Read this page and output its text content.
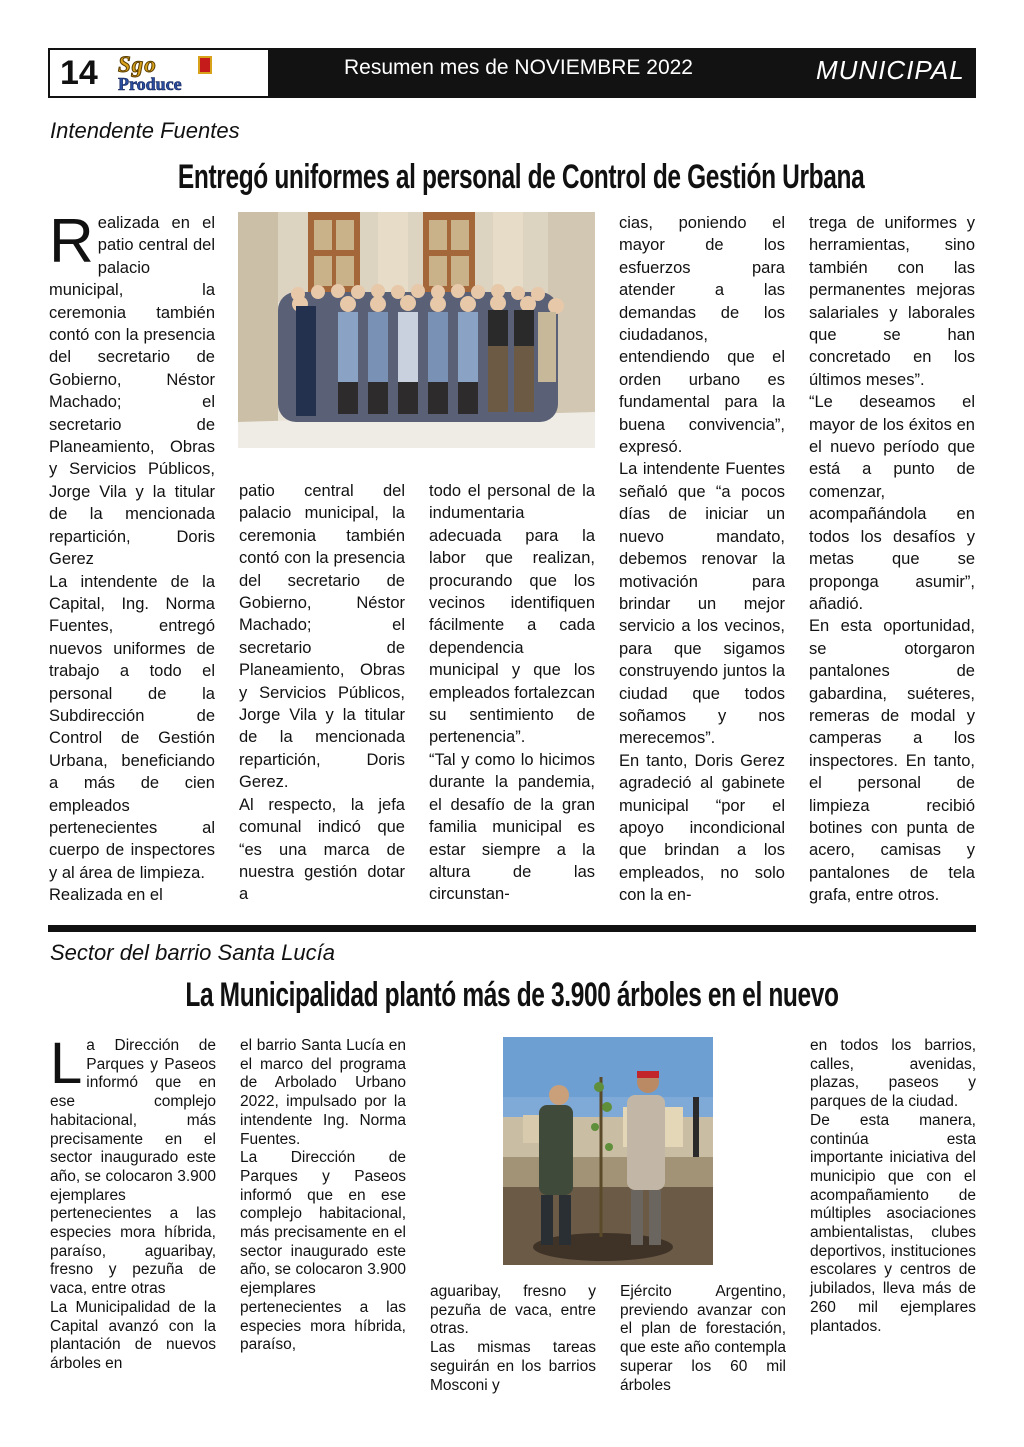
14 Sgo
Produce
Resumen mes de NOVIEMBRE 2022	MUNICIPAL
Intendente Fuentes
Entregó uniformes al personal de Control de Gestión Urbana
R ealizada en el patio central del palacio municipal, la ceremonia también contó con la presencia del secretario de Gobierno, Néstor Machado; el secretario de Planeamiento, Obras y Servicios Públicos, Jorge Vila y la titular de la mencionada repartición, Doris Gerez

La intendente de la Capital, Ing. Norma Fuentes, entregó nuevos uniformes de trabajo a todo el personal de la Subdirección de Control de Gestión Urbana, beneficiando a más de cien empleados pertenecientes al cuerpo de inspectores y al área de limpieza.

Realizada en el

patio central del palacio municipal, la ceremonia también contó con la presencia del secretario de Gobierno, Néstor Machado; el secretario de Planeamiento, Obras y Servicios Públicos, Jorge Vila y la titular de la mencionada repartición, Doris Gerez.

Al respecto, la jefa comunal indicó que “es una marca de nuestra gestión dotar a

todo el personal de la indumentaria adecuada para la labor que realizan, procurando que los vecinos identifiquen fácilmente a cada dependencia municipal y que los empleados fortalezcan su sentimiento de pertenencia”.

“Tal y como lo hicimos durante la pandemia, el desafío de la gran familia municipal es estar siempre a la altura de las circunstan-

cias, poniendo el mayor de los esfuerzos para atender a las demandas de los ciudadanos, entendiendo que el orden urbano es fundamental para la buena convivencia”, expresó.

La intendente Fuentes señaló que “a pocos días de iniciar un nuevo mandato, debemos renovar la motivación para brindar un mejor servicio a los vecinos, para que sigamos construyendo juntos la ciudad que todos soñamos y nos merecemos”.

En tanto, Doris Gerez agradeció al gabinete municipal “por el apoyo incondicional que brindan a los empleados, no solo con la en-

trega de uniformes y herramientas, sino también con las permanentes mejoras salariales y laborales que se han concretado en los últimos meses”.

“Le deseamos el mayor de los éxitos en el nuevo período que está a punto de comenzar, acompañándola en todos los desafíos y metas que se proponga asumir”, añadió.

En esta oportunidad, se otorgaron pantalones de gabardina, suéteres, remeras de modal y camperas a los inspectores. En tanto, el personal de limpieza recibió botines con punta de acero, camisas y pantalones de tela grafa, entre otros.

Sector del barrio Santa Lucía
La Municipalidad plantó más de 3.900 árboles en el nuevo
L a Dirección de Parques y Paseos informó que en ese complejo habitacional, más precisamente en el sector inaugurado este año, se colocaron 3.900 ejemplares pertenecientes a las especies mora híbrida, paraíso, aguaribay, fresno y pezuña de vaca, entre otras

La Municipalidad de la Capital avanzó con la plantación de nuevos árboles en

el barrio Santa Lucía en el marco del programa de Arbolado Urbano 2022, impulsado por la intendente Ing. Norma Fuentes.

La Dirección de Parques y Paseos informó que en ese complejo habitacional, más precisamente en el sector inaugurado este año, se colocaron 3.900 ejemplares pertenecientes a las especies mora híbrida, paraíso,

aguaribay, fresno y pezuña de vaca, entre otras.

Las mismas tareas seguirán en los barrios Mosconi y

Ejército Argentino, previendo avanzar con el plan de forestación, que este año contempla superar los 60 mil árboles

en todos los barrios, calles, avenidas, plazas, paseos y parques de la ciudad.

De esta manera, continúa esta importante iniciativa del municipio que con el acompañamiento de múltiples asociaciones ambientalistas, clubes deportivos, instituciones escolares y centros de jubilados, lleva más de 260 mil ejemplares plantados.
